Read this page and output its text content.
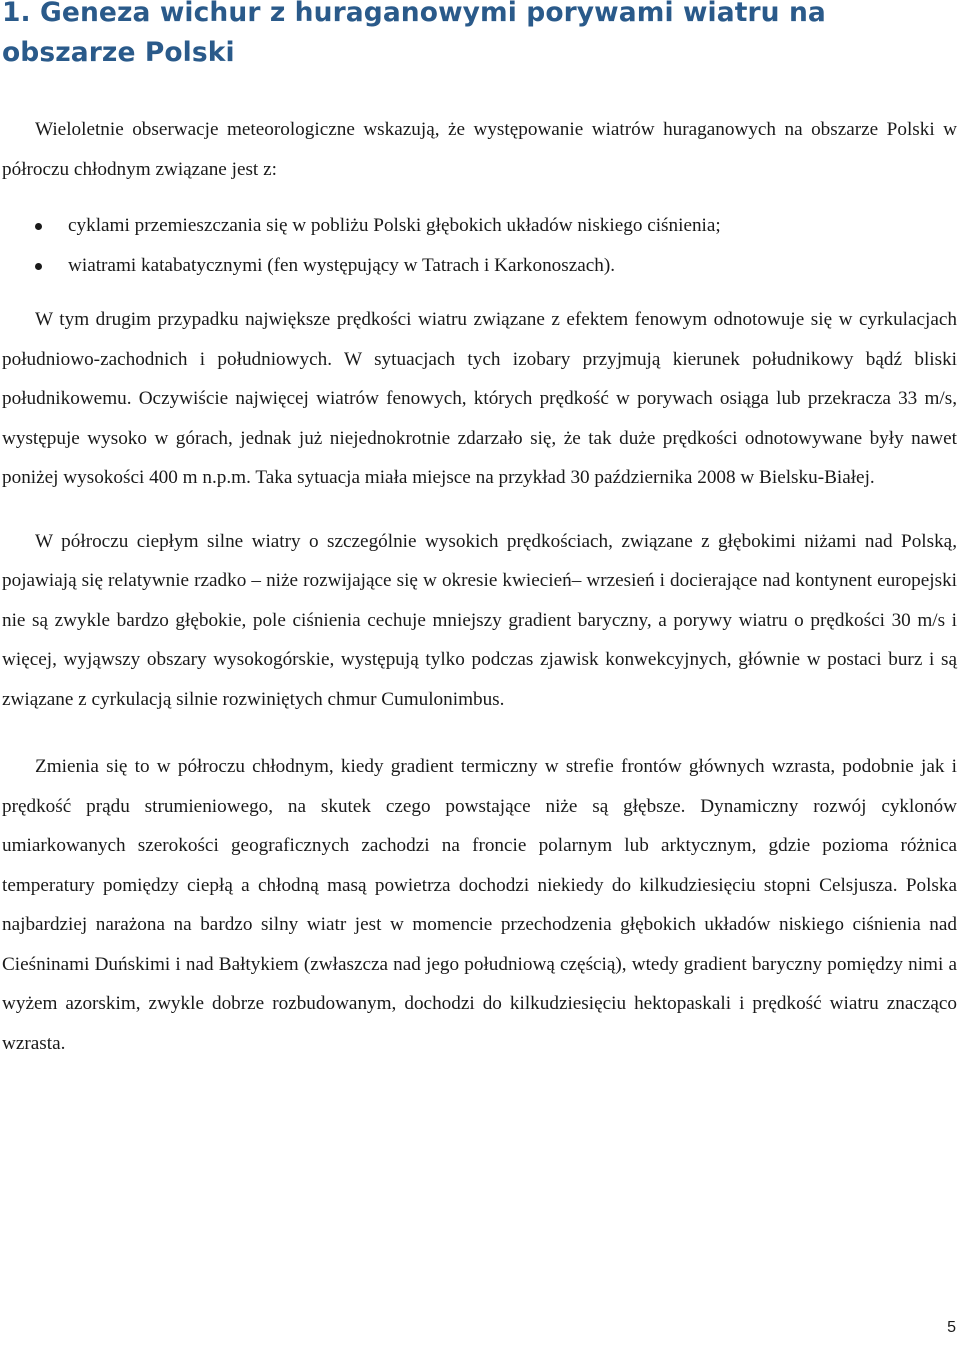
1. Geneza wichur z huraganowymi porywami wiatru na obszarze Polski

Wieloletnie obserwacje meteorologiczne wskazują, że występowanie wiatrów huraganowych na obszarze Polski w półroczu chłodnym związane jest z:

cyklami przemieszczania się w pobliżu Polski głębokich układów niskiego ciśnienia;
wiatrami katabatycznymi (fen występujący w Tatrach i Karkonoszach).

W tym drugim przypadku największe prędkości wiatru związane z efektem fenowym odnotowuje się w cyrkulacjach południowo-zachodnich i południowych. W sytuacjach tych izobary przyjmują kierunek południkowy bądź bliski południkowemu. Oczywiście najwięcej wiatrów fenowych, których prędkość w porywach osiąga lub przekracza 33 m/s, występuje wysoko w górach, jednak już niejednokrotnie zdarzało się, że tak duże prędkości odnotowywane były nawet poniżej wysokości 400 m n.p.m. Taka sytuacja miała miejsce na przykład 30 października 2008 w Bielsku-Białej.

W półroczu ciepłym silne wiatry o szczególnie wysokich prędkościach, związane z głębokimi niżami nad Polską, pojawiają się relatywnie rzadko – niże rozwijające się w okresie kwiecień– wrzesień i docierające nad kontynent europejski nie są zwykle bardzo głębokie, pole ciśnienia cechuje mniejszy gradient baryczny, a porywy wiatru o prędkości 30 m/s i więcej, wyjąwszy obszary wysokogórskie, występują tylko podczas zjawisk konwekcyjnych, głównie w postaci burz i są związane z cyrkulacją silnie rozwiniętych chmur Cumulonimbus.

Zmienia się to w półroczu chłodnym, kiedy gradient termiczny w strefie frontów głównych wzrasta, podobnie jak i prędkość prądu strumieniowego, na skutek czego powstające niże są głębsze. Dynamiczny rozwój cyklonów umiarkowanych szerokości geograficznych zachodzi na froncie polarnym lub arktycznym, gdzie pozioma różnica temperatury pomiędzy ciepłą a chłodną masą powietrza dochodzi niekiedy do kilkudziesięciu stopni Celsjusza. Polska najbardziej narażona na bardzo silny wiatr jest w momencie przechodzenia głębokich układów niskiego ciśnienia nad Cieśninami Duńskimi i nad Bałtykiem (zwłaszcza nad jego południową częścią), wtedy gradient baryczny pomiędzy nimi a wyżem azorskim, zwykle dobrze rozbudowanym, dochodzi do kilkudziesięciu hektopaskali i prędkość wiatru znacząco wzrasta.

5
